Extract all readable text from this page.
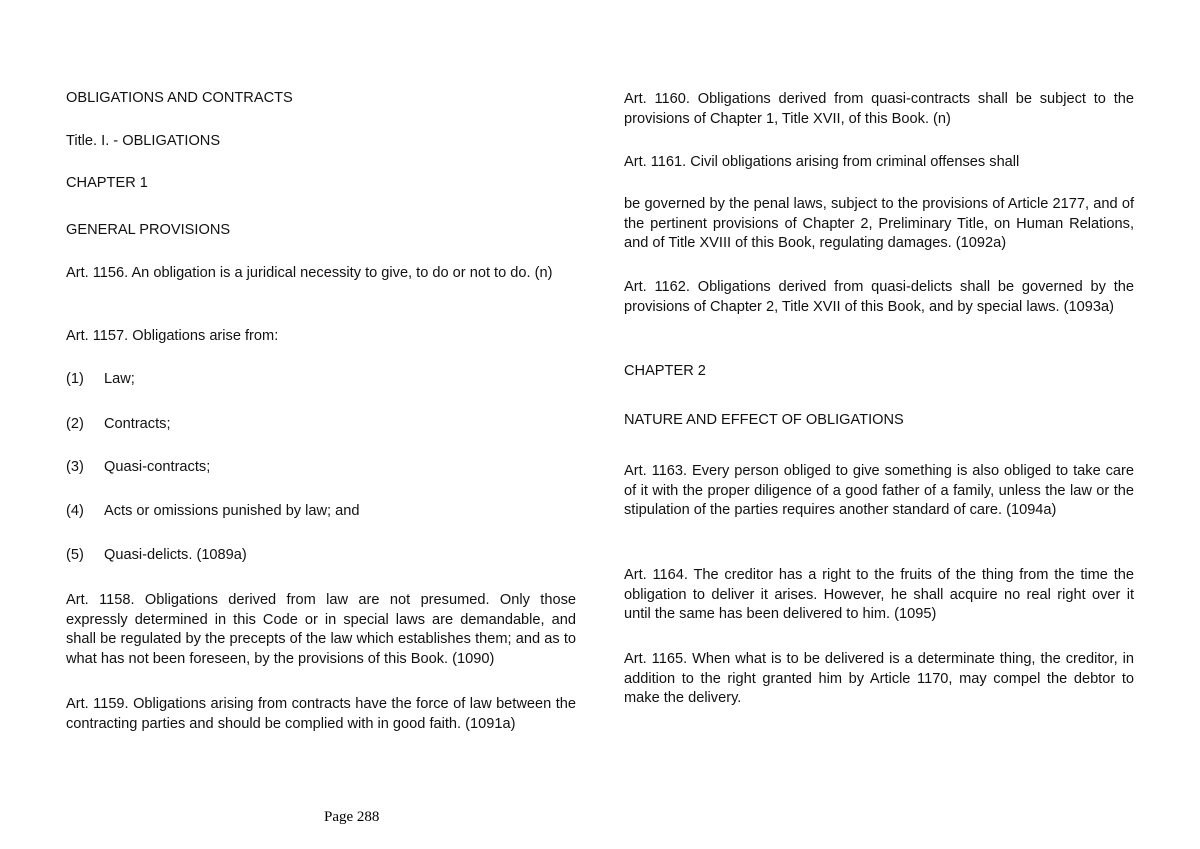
OBLIGATIONS AND CONTRACTS

Title. I. - OBLIGATIONS

CHAPTER 1

GENERAL PROVISIONS

Art. 1156. An obligation is a juridical necessity to give, to do or not to do. (n)

Art. 1157. Obligations arise from:

(1) Law;

(2) Contracts;

(3) Quasi-contracts;

(4) Acts or omissions punished by law; and

(5) Quasi-delicts. (1089a)

Art. 1158. Obligations derived from law are not presumed. Only those expressly determined in this Code or in special laws are demandable, and shall be regulated by the precepts of the law which establishes them; and as to what has not been foreseen, by the provisions of this Book. (1090)

Art. 1159. Obligations arising from contracts have the force of law between the contracting parties and should be complied with in good faith. (1091a)

Art. 1160. Obligations derived from quasi-contracts shall be subject to the provisions of Chapter 1, Title XVII, of this Book. (n)

Art. 1161. Civil obligations arising from criminal offenses shall

be governed by the penal laws, subject to the provisions of Article 2177, and of the pertinent provisions of Chapter 2, Preliminary Title, on Human Relations, and of Title XVIII of this Book, regulating damages. (1092a)

Art. 1162. Obligations derived from quasi-delicts shall be governed by the provisions of Chapter 2, Title XVII of this Book, and by special laws. (1093a)

CHAPTER 2

NATURE AND EFFECT OF OBLIGATIONS

Art. 1163. Every person obliged to give something is also obliged to take care of it with the proper diligence of a good father of a family, unless the law or the stipulation of the parties requires another standard of care. (1094a)

Art. 1164. The creditor has a right to the fruits of the thing from the time the obligation to deliver it arises. However, he shall acquire no real right over it until the same has been delivered to him. (1095)

Art. 1165. When what is to be delivered is a determinate thing, the creditor, in addition to the right granted him by Article 1170, may compel the debtor to make the delivery.

Page 288
